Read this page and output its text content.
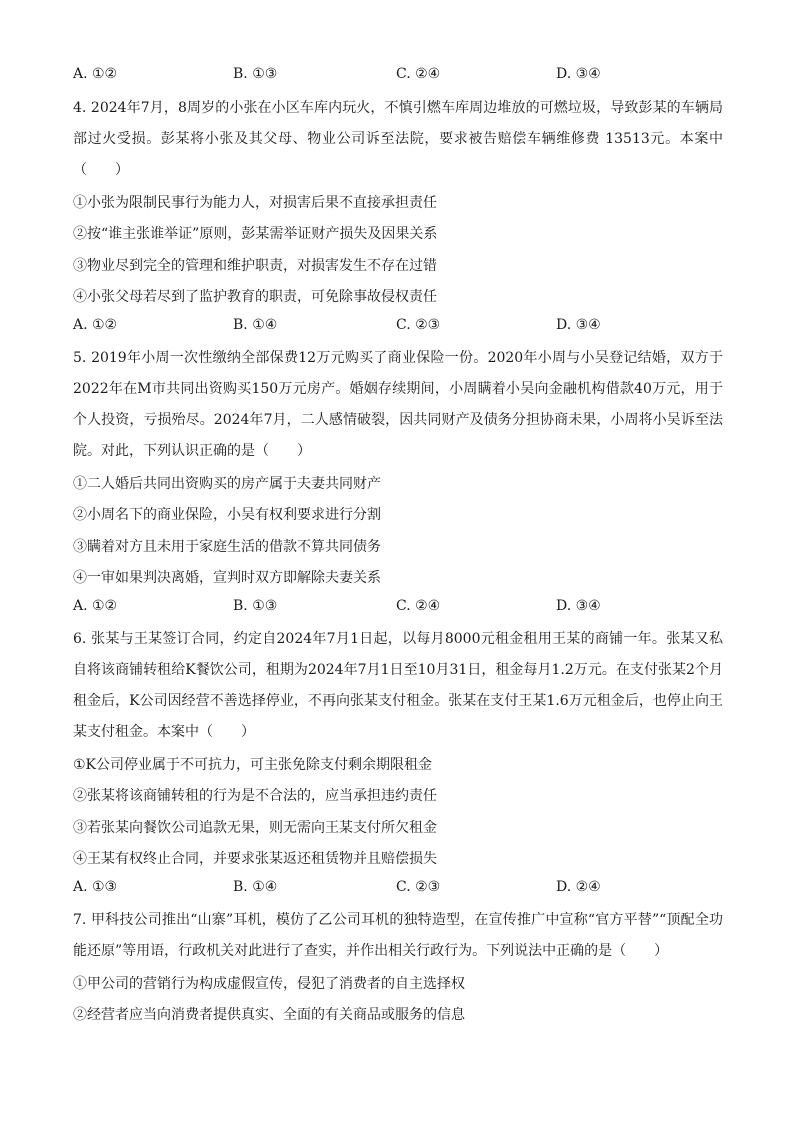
A. ①②	B. ①③	C. ②④	D. ③④
4. 2024年7月，8周岁的小张在小区车库内玩火，不慎引燃车库周边堆放的可燃垃圾，导致彭某的车辆局部过火受损。彭某将小张及其父母、物业公司诉至法院，要求被告赔偿车辆维修费 13513元。本案中（　　）
①小张为限制民事行为能力人，对损害后果不直接承担责任
②按“谁主张谁举证”原则，彭某需举证财产损失及因果关系
③物业尽到完全的管理和维护职责，对损害发生不存在过错
④小张父母若尽到了监护教育的职责，可免除事故侵权责任
A. ①②	B. ①④	C. ②③	D. ③④
5. 2019年小周一次性缴纳全部保费12万元购买了商业保险一份。2020年小周与小吴登记结婚，双方于2022年在M市共同出资购买150万元房产。婚姻存续期间，小周瞒着小吴向金融机构借款40万元，用于个人投资，亏损殆尽。2024年7月，二人感情破裂，因共同财产及债务分担协商未果，小周将小吴诉至法院。对此，下列认识正确的是（　　）
①二人婚后共同出资购买的房产属于夫妻共同财产
②小周名下的商业保险，小吴有权利要求进行分割
③瞒着对方且未用于家庭生活的借款不算共同债务
④一审如果判决离婚，宣判时双方即解除夫妻关系
A. ①②	B. ①③	C. ②④	D. ③④
6. 张某与王某签订合同，约定自2024年7月1日起，以每月8000元租金租用王某的商铺一年。张某又私自将该商铺转租给K餐饮公司，租期为2024年7月1日至10月31日，租金每月1.2万元。在支付张某2个月租金后，K公司因经营不善选择停业，不再向张某支付租金。张某在支付王某1.6万元租金后，也停止向王某支付租金。本案中（　　）
①K公司停业属于不可抗力，可主张免除支付剩余期限租金
②张某将该商铺转租的行为是不合法的，应当承担违约责任
③若张某向餐饮公司追款无果，则无需向王某支付所欠租金
④王某有权终止合同，并要求张某返还租赁物并且赔偿损失
A. ①③	B. ①④	C. ②③	D. ②④
7. 甲科技公司推出“山寨”耳机，模仿了乙公司耳机的独特造型，在宣传推广中宣称“官方平替”“顶配全功能还原”等用语，行政机关对此进行了查实，并作出相关行政行为。下列说法中正确的是（　　）
①甲公司的营销行为构成虚假宣传，侵犯了消费者的自主选择权
②经营者应当向消费者提供真实、全面的有关商品或服务的信息
